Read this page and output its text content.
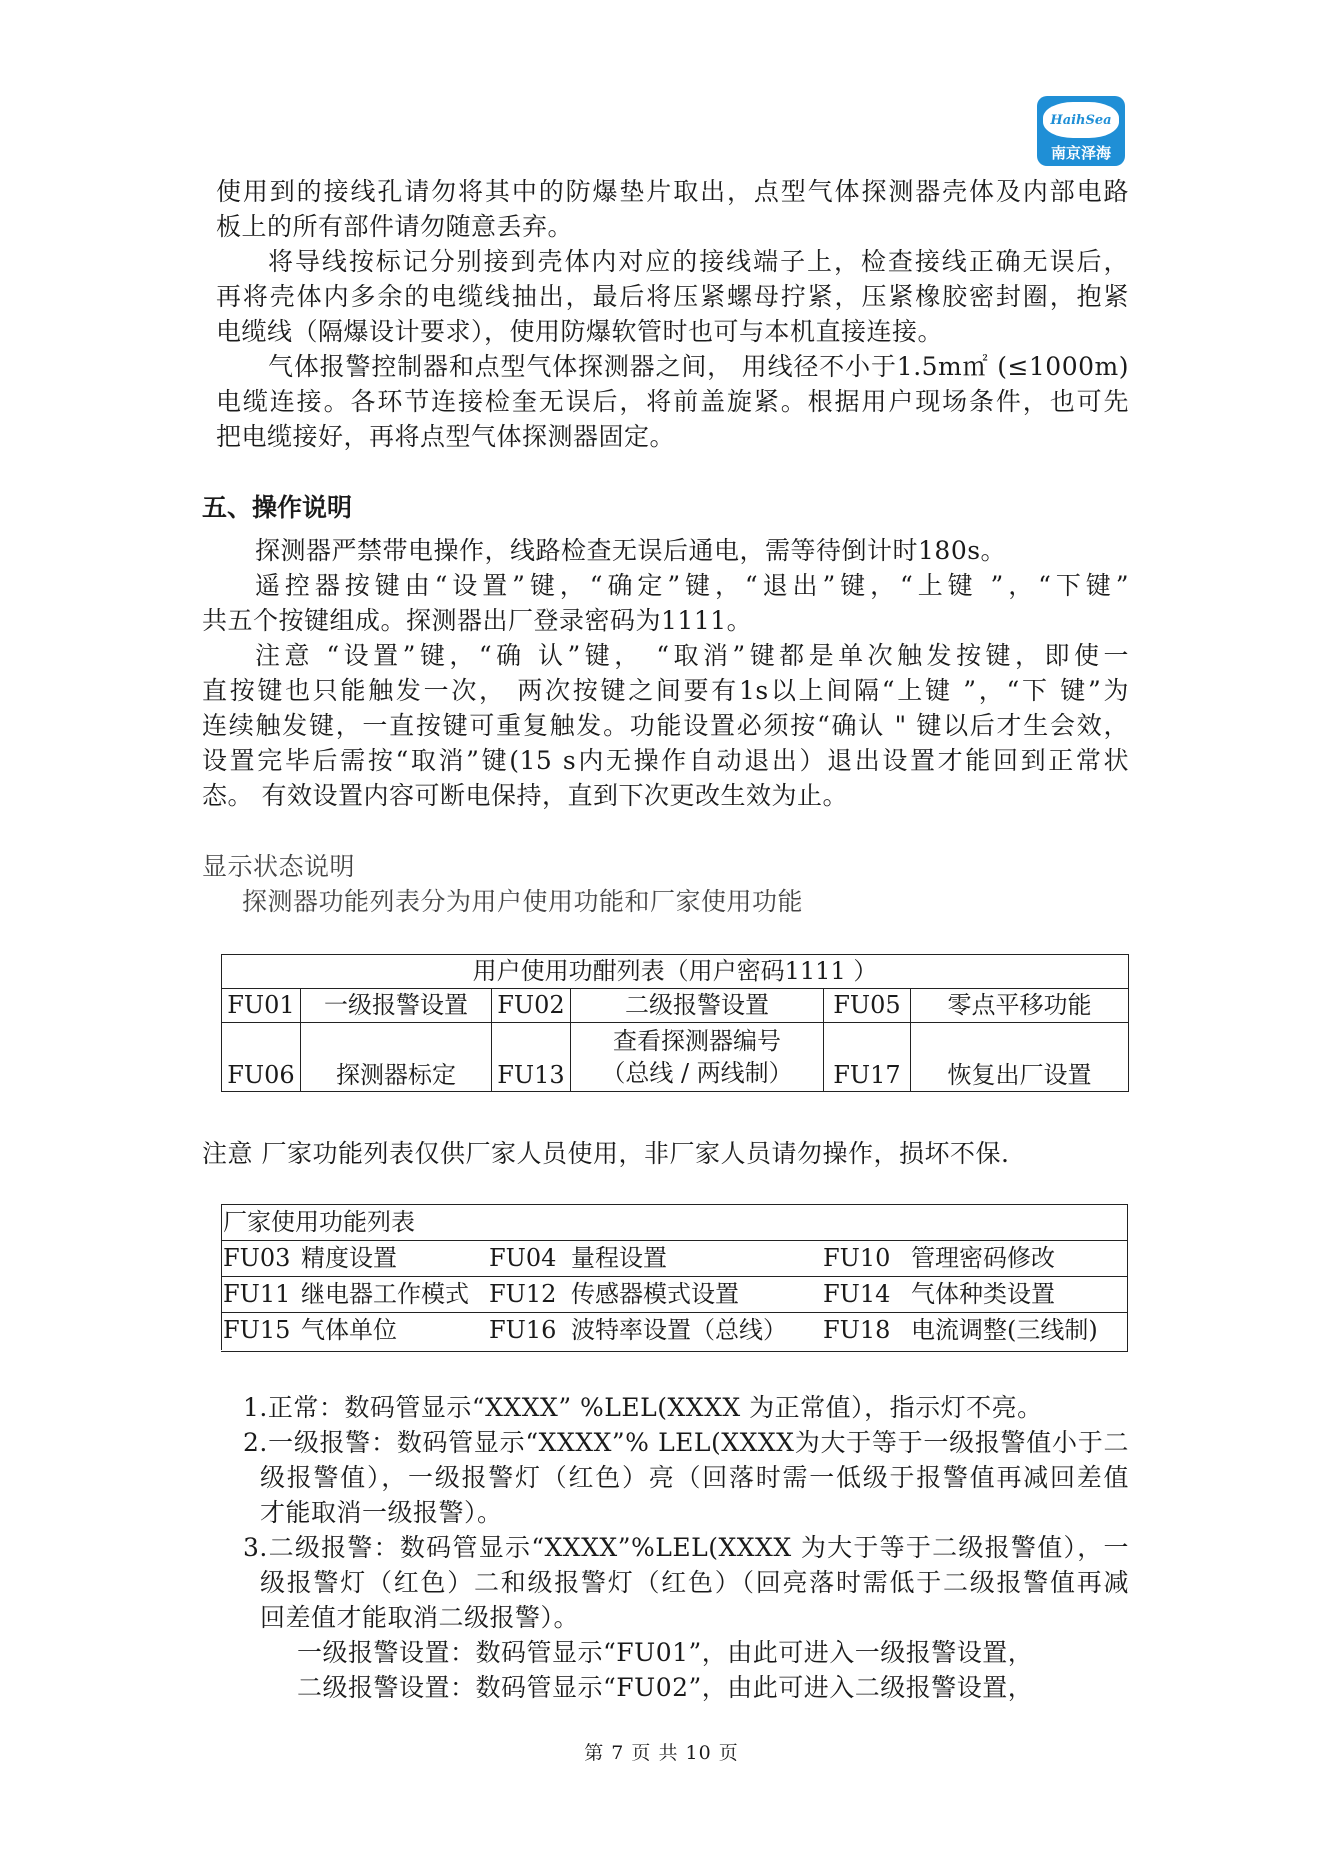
HaihSea
南京泽海

使用到的接线孔请勿将其中的防爆垫片取出，点型气体探测器壳体及内部电路

板上的所有部件请勿随意丢弃。

将导线按标记分别接到壳体内对应的接线端子上，检查接线正确无误后，

再将壳体内多余的电缆线抽出，最后将压紧螺母拧紧，压紧橡胶密封圈，抱紧

电缆线（隔爆设计要求），使用防爆软管时也可与本机直接连接。

气体报警控制器和点型气体探测器之间， 用线径不小于1.5m㎡ (≤1000m)

电缆连接。各环节连接检奎无误后，将前盖旋紧。根据用户现场条件，也可先

把电缆接好，再将点型气体探测器固定。

五、操作说明

探测器严禁带电操作，线路检查无误后通电，需等待倒计时180s。

遥控器按键由“设置”键，“确定”键，“退出”键，“上键 ”，“下键”

共五个按键组成。探测器出厂登录密码为1111。

注意 “设置”键，“确 认”键， “取消”键都是单次触发按键，即使一

直按键也只能触发一次， 两次按键之间要有1s以上间隔“上键 ”，“下 键”为

连续触发键，一直按键可重复触发。功能设置必须按“确认 " 键以后才生会效，

设置完毕后需按“取消”键(15 s内无操作自动退出）退出设置才能回到正常状

态。 有效设置内容可断电保持，直到下次更改生效为止。

显示状态说明

探测器功能列表分为用户使用功能和厂家使用功能

用户使用功酣列表（用户密码1111 ）					
FU01	一级报警设置	FU02	二级报警设置	FU05	零点平移功能
FU06	探测器标定	FU13	查看探测器编号
（总线 / 两线制）	FU17	恢复出厂设置

注意 厂家功能列表仅供厂家人员使用，非厂家人员请勿操作，损坏不保.

厂家使用功能列表
FU03 精度设置	FU04 量程设置	FU10 管理密码修改
FU11 继电器工作模式 FU12 传感器模式设置	FU14 气体种类设置
FU15 气体单位	FU16 波特率设置（总线） FU18 电流调整(三线制)

1.正常：数码管显示“XXXX” %LEL(XXXX 为正常值），指示灯不亮。

2.一级报警：数码管显示“XXXX”% LEL(XXXX为大于等于一级报警值小于二

级报警值），一级报警灯（红色）亮（回落时需一低级于报警值再减回差值

才能取消一级报警）。

3.二级报警：数码管显示“XXXX”%LEL(XXXX 为大于等于二级报警值），一

级报警灯（红色）二和级报警灯（红色）（回亮落时需低于二级报警值再减

回差值才能取消二级报警）。

一级报警设置：数码管显示“FU01”，由此可进入一级报警设置，

二级报警设置：数码管显示“FU02”，由此可进入二级报警设置，

第 7 页 共 10 页
